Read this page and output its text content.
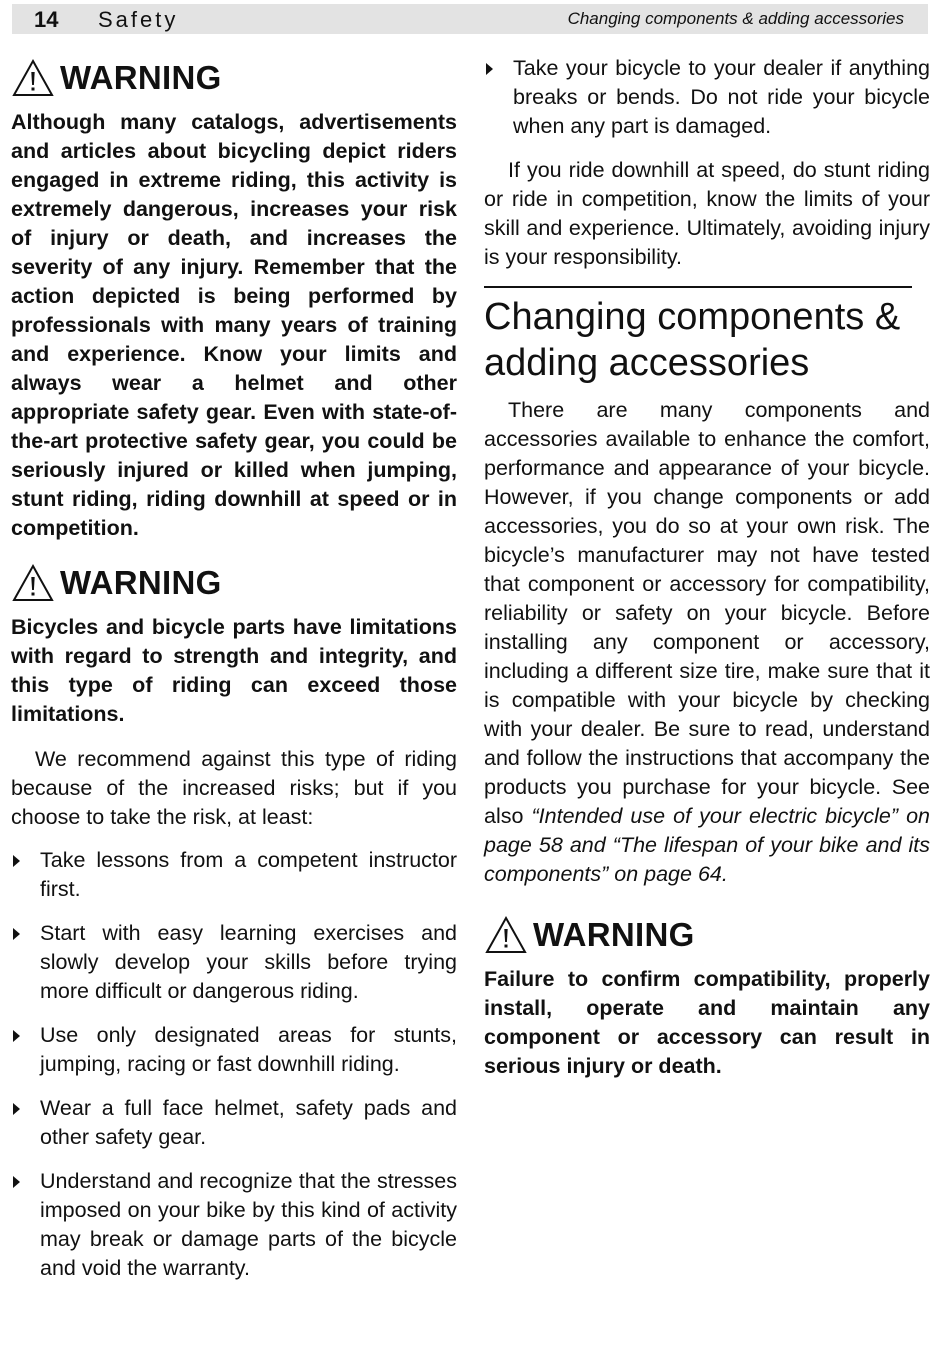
14 Safety	Changing components & adding accessories
WARNING

Although many catalogs, advertisements and articles about bicycling depict riders engaged in extreme riding, this activity is extremely dangerous, increases your risk of injury or death, and increases the severity of any injury. Remember that the action depicted is being performed by professionals with many years of training and experience. Know your limits and always wear a helmet and other appropriate safety gear. Even with state-of-the-art protective safety gear, you could be seriously injured or killed when jumping, stunt riding, riding downhill at speed or in competition.

WARNING

Bicycles and bicycle parts have limitations with regard to strength and integrity, and this type of riding can exceed those limitations.

We recommend against this type of riding because of the increased risks; but if you choose to take the risk, at least:

Take lessons from a competent instructor first.
Start with easy learning exercises and slowly develop your skills before trying more difficult or dangerous riding.
Use only designated areas for stunts, jumping, racing or fast downhill riding.
Wear a full face helmet, safety pads and other safety gear.
Understand and recognize that the stresses imposed on your bike by this kind of activity may break or damage parts of the bicycle and void the warranty.
Take your bicycle to your dealer if anything breaks or bends. Do not ride your bicycle when any part is damaged.

If you ride downhill at speed, do stunt riding or ride in competition, know the limits of your skill and experience. Ultimately, avoiding injury is your responsibility.

Changing components & adding accessories

There are many components and accessories available to enhance the comfort, performance and appearance of your bicycle. However, if you change components or add accessories, you do so at your own risk. The bicycle’s manufacturer may not have tested that component or accessory for compatibility, reliability or safety on your bicycle. Before installing any component or accessory, including a different size tire, make sure that it is compatible with your bicycle by checking with your dealer. Be sure to read, understand and follow the instructions that accompany the products you purchase for your bicycle. See also “Intended use of your electric bicycle” on page 58 and “The lifespan of your bike and its components” on page 64.

WARNING

Failure to confirm compatibility, properly install, operate and maintain any component or accessory can result in serious injury or death.
